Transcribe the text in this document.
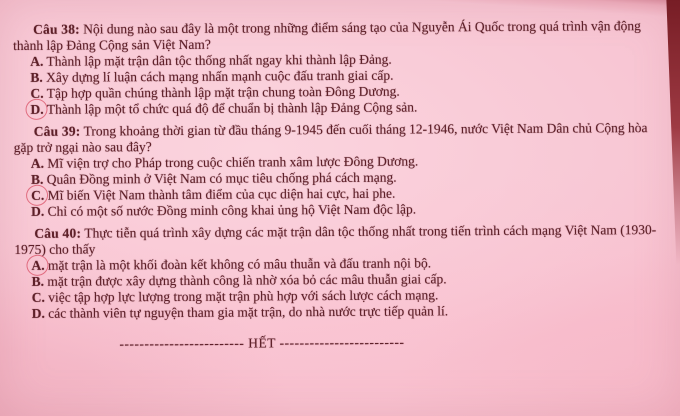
Câu 38: Nội dung nào sau đây là một trong những điểm sáng tạo của Nguyễn Ái Quốc trong quá trình vận động thành lập Đảng Cộng sản Việt Nam?

A. Thành lập mặt trận dân tộc thống nhất ngay khi thành lập Đảng.

B. Xây dựng lí luận cách mạng nhấn mạnh cuộc đấu tranh giai cấp.

C. Tập hợp quần chúng thành lập mặt trận chung toàn Đông Dương.

D. Thành lập một tổ chức quá độ để chuẩn bị thành lập Đảng Cộng sản.

Câu 39: Trong khoảng thời gian từ đầu tháng 9-1945 đến cuối tháng 12-1946, nước Việt Nam Dân chủ Cộng hòa gặp trở ngại nào sau đây?

A. Mĩ viện trợ cho Pháp trong cuộc chiến tranh xâm lược Đông Dương.

B. Quân Đồng minh ở Việt Nam có mục tiêu chống phá cách mạng.

C. Mĩ biến Việt Nam thành tâm điểm của cục diện hai cực, hai phe.

D. Chỉ có một số nước Đồng minh công khai ủng hộ Việt Nam độc lập.

Câu 40: Thực tiễn quá trình xây dựng các mặt trận dân tộc thống nhất trong tiến trình cách mạng Việt Nam (1930-1975) cho thấy

A. mặt trận là một khối đoàn kết không có mâu thuẫn và đấu tranh nội bộ.

B. mặt trận được xây dựng thành công là nhờ xóa bỏ các mâu thuẫn giai cấp.

C. việc tập hợp lực lượng trong mặt trận phù hợp với sách lược cách mạng.

D. các thành viên tự nguyện tham gia mặt trận, do nhà nước trực tiếp quản lí.

------------------------- HẾT -------------------------
